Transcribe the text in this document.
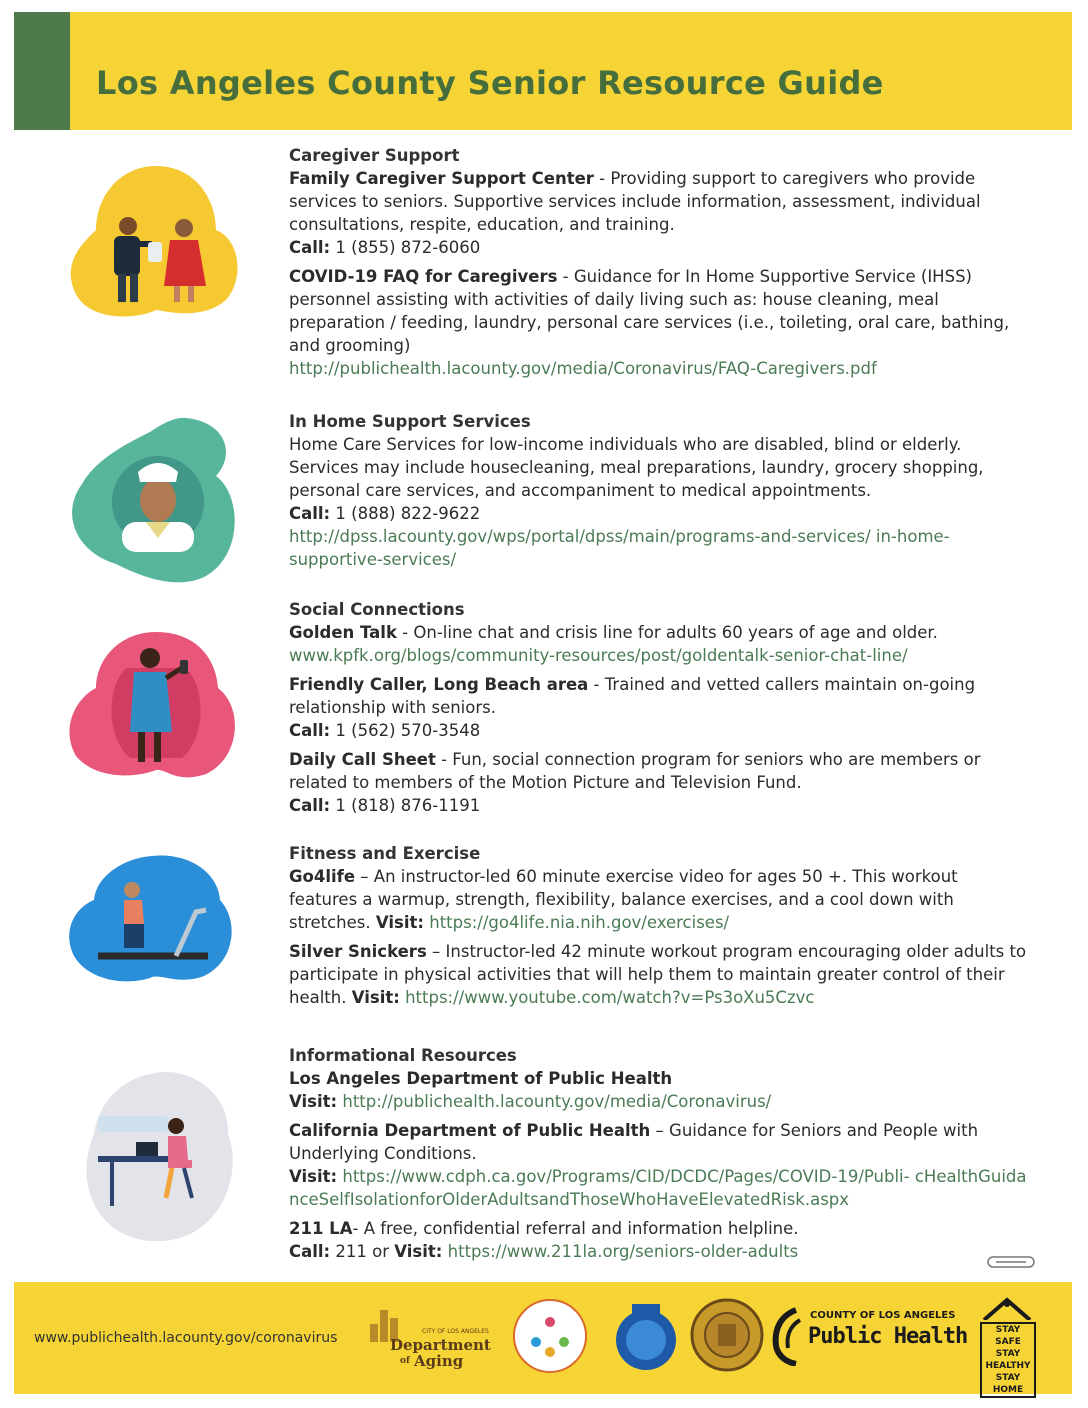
Los Angeles County Senior Resource Guide
Caregiver Support

Family Caregiver Support Center - Providing support to caregivers who provide services to seniors. Supportive services include information, assessment, individual consultations, respite, education, and training.
Call: 1 (855) 872-6060

COVID-19 FAQ for Caregivers - Guidance for In Home Supportive Service (IHSS) personnel assisting with activities of daily living such as: house cleaning, meal preparation / feeding, laundry, personal care services (i.e., toileting, oral care, bathing, and grooming)
http://publichealth.lacounty.gov/media/Coronavirus/FAQ-Caregivers.pdf

In Home Support Services

Home Care Services for low-income individuals who are disabled, blind or elderly. Services may include housecleaning, meal preparations, laundry, grocery shopping, personal care services, and accompaniment to medical appointments.
Call: 1 (888) 822-9622
http://dpss.lacounty.gov/wps/portal/dpss/main/programs-and-services/ in-home-supportive-services/

Social Connections

Golden Talk - On-line chat and crisis line for adults 60 years of age and older.
www.kpfk.org/blogs/community-resources/post/goldentalk-senior-chat-line/

Friendly Caller, Long Beach area - Trained and vetted callers maintain on-going relationship with seniors.
Call: 1 (562) 570-3548

Daily Call Sheet - Fun, social connection program for seniors who are members or related to members of the Motion Picture and Television Fund.
Call: 1 (818) 876-1191

Fitness and Exercise

Go4life – An instructor-led 60 minute exercise video for ages 50 +. This workout features a warmup, strength, flexibility, balance exercises, and a cool down with stretches. Visit: https://go4life.nia.nih.gov/exercises/

Silver Snickers – Instructor-led 42 minute workout program encouraging older adults to participate in physical activities that will help them to maintain greater control of their health. Visit: https://www.youtube.com/watch?v=Ps3oXu5Czvc

Informational Resources

Los Angeles Department of Public Health
Visit: http://publichealth.lacounty.gov/media/Coronavirus/

California Department of Public Health – Guidance for Seniors and People with Underlying Conditions.
Visit: https://www.cdph.ca.gov/Programs/CID/DCDC/Pages/COVID-19/Publi- cHealthGuidanceSelfIsolationforOlderAdultsandThoseWhoHaveElevatedRisk.aspx

211 LA- A free, confidential referral and information helpline.
Call: 211 or Visit: https://www.211la.org/seniors-older-adults

www.publichealth.lacounty.gov/coronavirus	CITY OF LOS ANGELES
Department
of Aging
COUNTY OF LOS ANGELES
Public Health	STAY SAFE
STAY HEALTHY
STAY HOME
